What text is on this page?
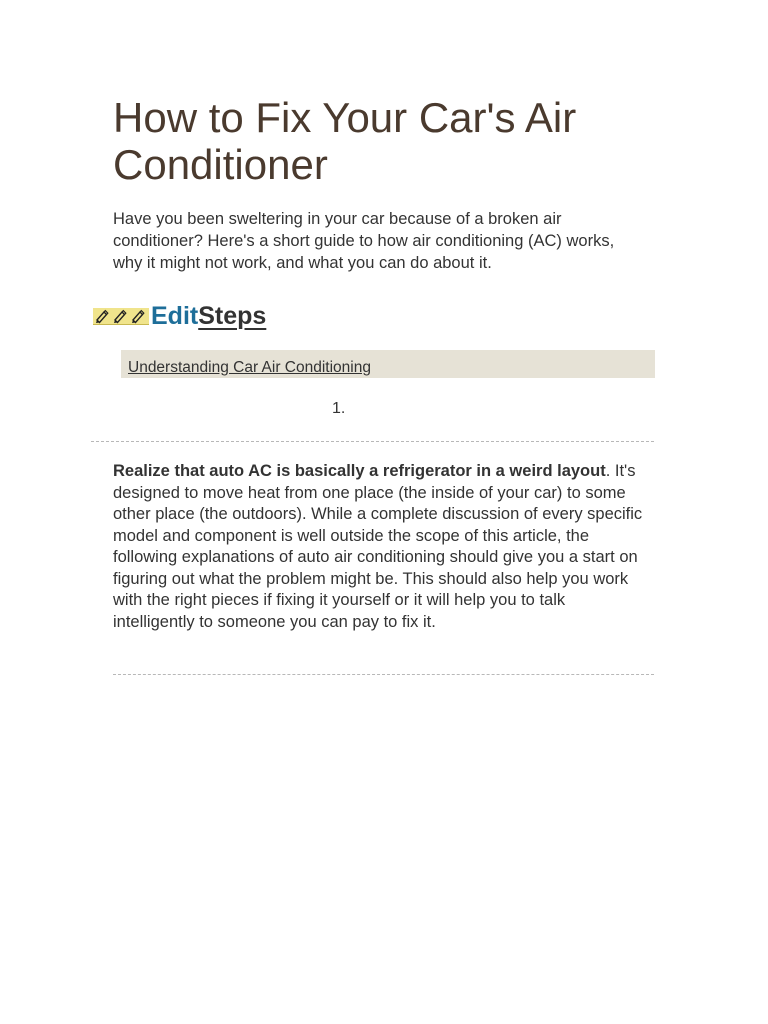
How to Fix Your Car's Air Conditioner

Have you been sweltering in your car because of a broken air conditioner? Here's a short guide to how air conditioning (AC) works, why it might not work, and what you can do about it.

Edit Steps
Understanding Car Air Conditioning
1.

Realize that auto AC is basically a refrigerator in a weird layout. It's designed to move heat from one place (the inside of your car) to some other place (the outdoors). While a complete discussion of every specific model and component is well outside the scope of this article, the following explanations of auto air conditioning should give you a start on figuring out what the problem might be. This should also help you work with the right pieces if fixing it yourself or it will help you to talk intelligently to someone you can pay to fix it.
